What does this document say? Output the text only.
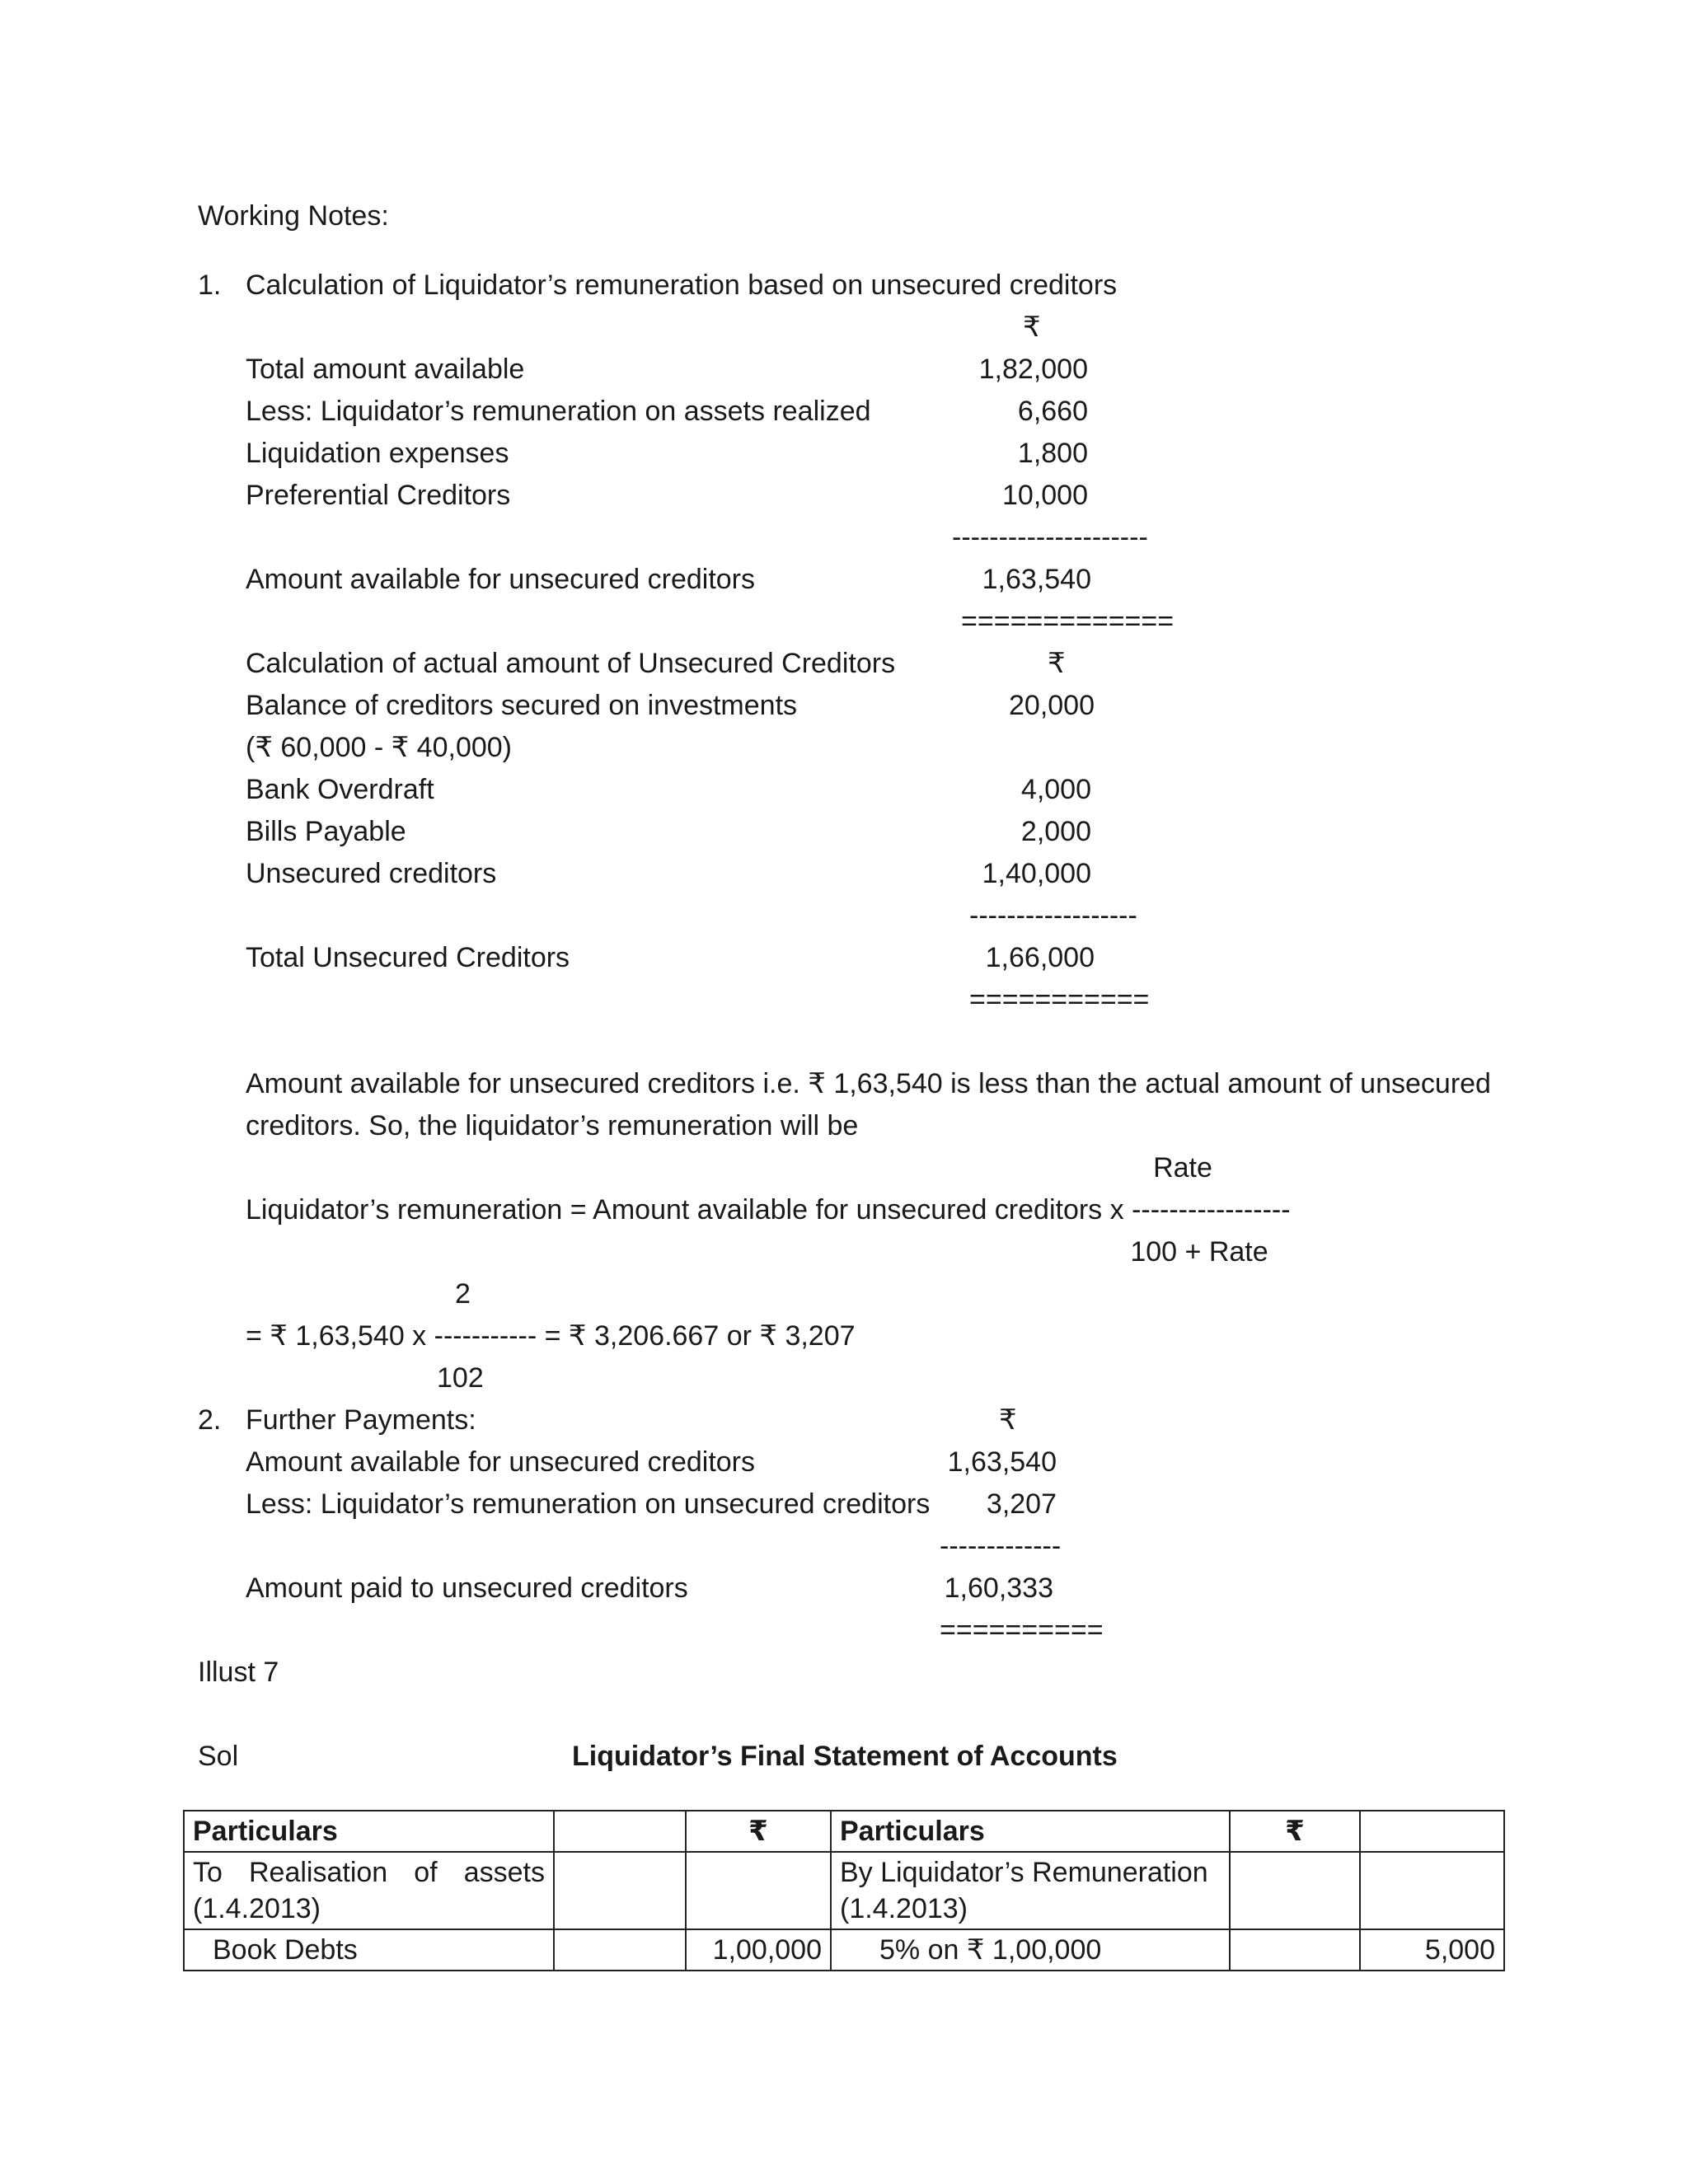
Working Notes:
1. Calculation of Liquidator’s remuneration based on unsecured creditors
₹
Total amount available	1,82,000
Less: Liquidator’s remuneration on assets realized	6,660
Liquidation expenses	1,800
Preferential Creditors	10,000
---------------------
Amount available for unsecured creditors	1,63,540
=============
Calculation of actual amount of Unsecured Creditors	₹
Balance of creditors secured on investments	20,000
(₹ 60,000 - ₹ 40,000)
Bank Overdraft	4,000
Bills Payable	2,000
Unsecured creditors	1,40,000
------------------
Total Unsecured Creditors	1,66,000
===========
Amount available for unsecured creditors i.e. ₹ 1,63,540 is less than the actual amount of unsecured
creditors. So, the liquidator’s remuneration will be
Rate
Liquidator’s remuneration = Amount available for unsecured creditors x -----------------
100 + Rate
2
= ₹ 1,63,540 x ----------- = ₹ 3,206.667 or ₹ 3,207
102
2. Further Payments:	₹
Amount available for unsecured creditors	1,63,540
Less: Liquidator’s remuneration on unsecured creditors	3,207
-------------
Amount paid to unsecured creditors	1,60,333
==========
Illust 7
Sol	Liquidator’s Final Statement of Accounts
Particulars		₹	Particulars	₹	
To Realisation of assets (1.4.2013)			By Liquidator’s Remuneration (1.4.2013)		
Book Debts		1,00,000	5% on ₹ 1,00,000		5,000
